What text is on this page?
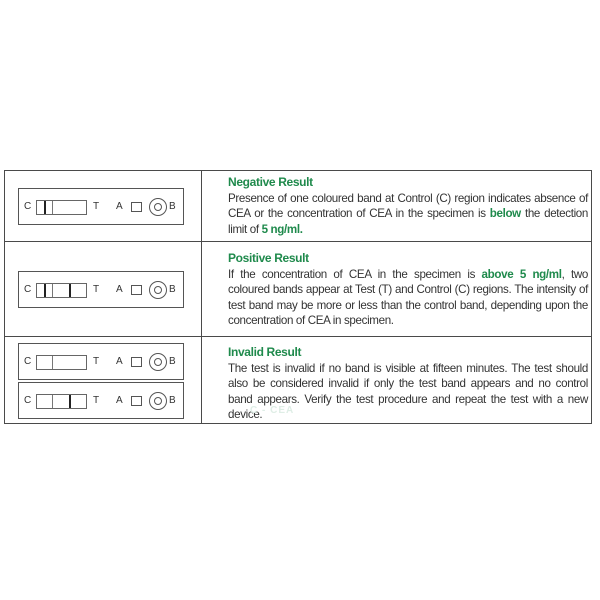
C	T A	B
Negative Result
Presence of one coloured band at Control (C) region indicates absence of CEA or the concentration of CEA in the specimen is below the detection limit of 5 ng/ml.
C	T A	B
Positive Result
If the concentration of CEA in the specimen is above 5 ng/ml, two coloured bands appear at Test (T) and Control (C) regions. The intensity of test band may be more or less than the control band, depending upon the concentration of CEA in specimen.
C	T A	B
C	T A	B
Invalid Result
The test is invalid if no band is visible at fifteen minutes. The test should also be considered invalid if only the test band appears and no control band appears. Verify the test procedure and repeat the test with a new device.
C - CEA
